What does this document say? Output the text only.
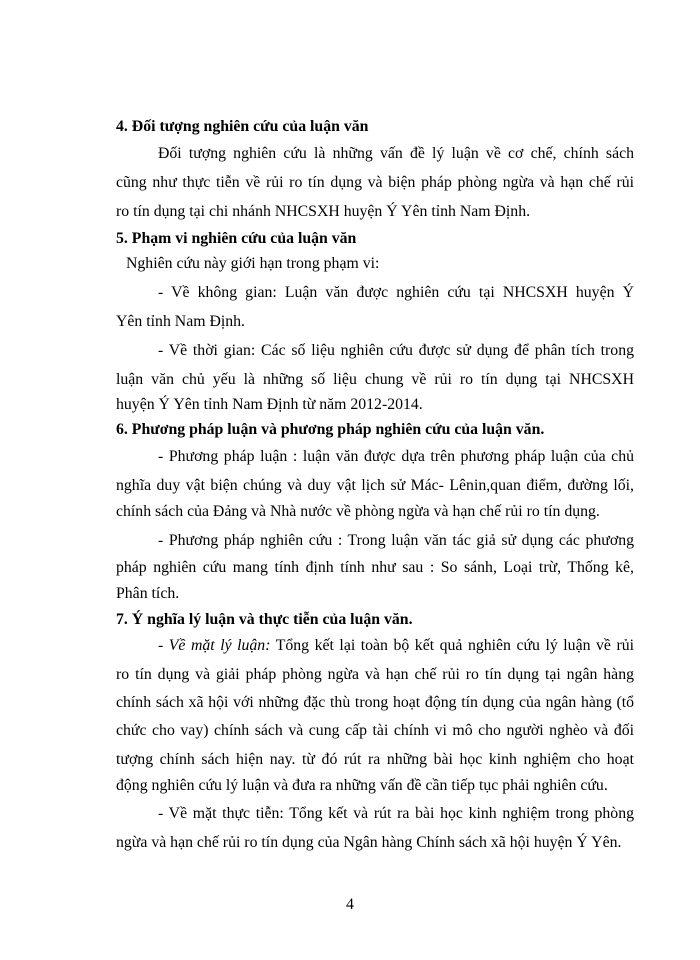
4. Đối tượng nghiên cứu của luận văn
Đối tượng nghiên cứu là những vấn đề lý luận về cơ chế, chính sách
cũng như thực tiễn về rủi ro tín dụng và biện pháp phòng ngừa và hạn chế rủi
ro tín dụng tại chi nhánh NHCSXH huyện Ý Yên tỉnh Nam Định.
5. Phạm vi nghiên cứu của luận văn
Nghiên cứu này giới hạn trong phạm vi:
- Về không gian: Luận văn được nghiên cứu tại NHCSXH huyện Ý
Yên tỉnh Nam Định.
- Về thời gian: Các số liệu nghiên cứu được sử dụng để phân tích trong
luận văn chủ yếu là những số liệu chung về rủi ro tín dụng tại NHCSXH
huyện Ý Yên tỉnh Nam Định từ năm 2012-2014.
6. Phương pháp luận và phương pháp nghiên cứu của luận văn.
- Phương pháp luận : luận văn được dựa trên phương pháp luận của chủ
nghĩa duy vật biện chúng và duy vật lịch sử Mác- Lênin,quan điểm, đường lối,
chính sách của Đảng và Nhà nước về phòng ngừa và hạn chế rủi ro tín dụng.
- Phương pháp nghiên cứu : Trong luận văn tác giả sử dụng các phương
pháp nghiên cứu mang tính định tính như sau : So sánh, Loại trừ, Thống kê,
Phân tích.
7. Ý nghĩa lý luận và thực tiễn của luận văn.
- Về mặt lý luận: Tổng kết lại toàn bộ kết quả nghiên cứu lý luận về rủi
ro tín dụng và giải pháp phòng ngừa và hạn chế rủi ro tín dụng tại ngân hàng
chính sách xã hội với những đặc thù trong hoạt động tín dụng của ngân hàng (tổ
chức cho vay) chính sách và cung cấp tài chính vi mô cho người nghèo và đối
tượng chính sách hiện nay. từ đó rút ra những bài học kinh nghiệm cho hoạt
động nghiên cứu lý luận và đưa ra những vấn đề cần tiếp tục phải nghiên cứu.
- Về mặt thực tiễn: Tổng kết và rút ra bài học kinh nghiệm trong phòng
ngừa và hạn chế rủi ro tín dụng của Ngân hàng Chính sách xã hội huyện Ý Yên.
4
